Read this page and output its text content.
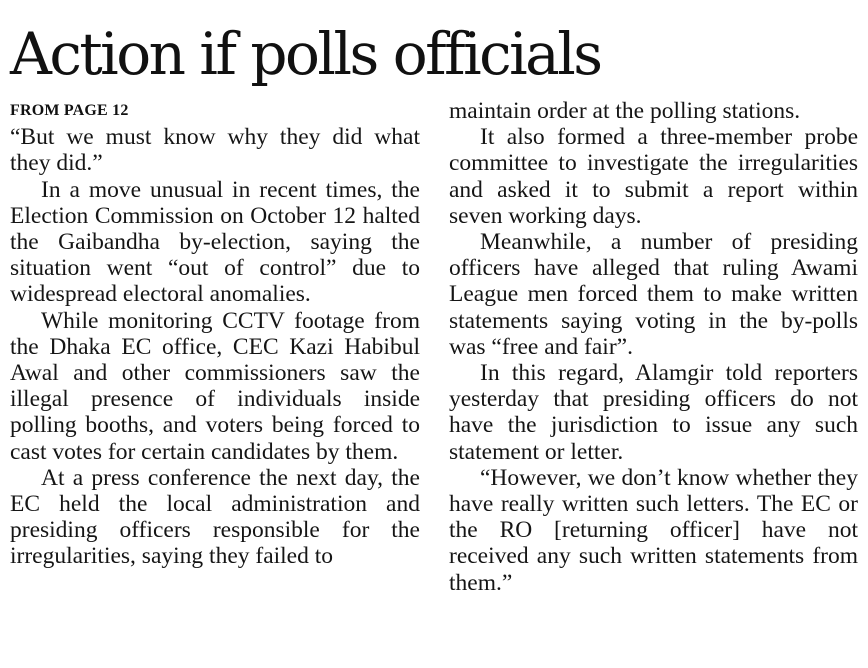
Action if polls officials
FROM PAGE 12

“But we must know why they did what they did.”

In a move unusual in recent times, the Election Commission on October 12 halted the Gaibandha by-election, saying the situation went “out of control” due to widespread electoral anomalies.

While monitoring CCTV footage from the Dhaka EC office, CEC Kazi Habibul Awal and other commissioners saw the illegal presence of individuals inside polling booths, and voters being forced to cast votes for certain candidates by them.

At a press conference the next day, the EC held the local administration and presiding officers responsible for the irregularities, saying they failed to

maintain order at the polling stations.

It also formed a three-member probe committee to investigate the irregularities and asked it to submit a report within seven working days.

Meanwhile, a number of presiding officers have alleged that ruling Awami League men forced them to make written statements saying voting in the by-polls was “free and fair”.

In this regard, Alamgir told reporters yesterday that presiding officers do not have the jurisdiction to issue any such statement or letter.

“However, we don’t know whether they have really written such letters. The EC or the RO [returning officer] have not received any such written statements from them.”
